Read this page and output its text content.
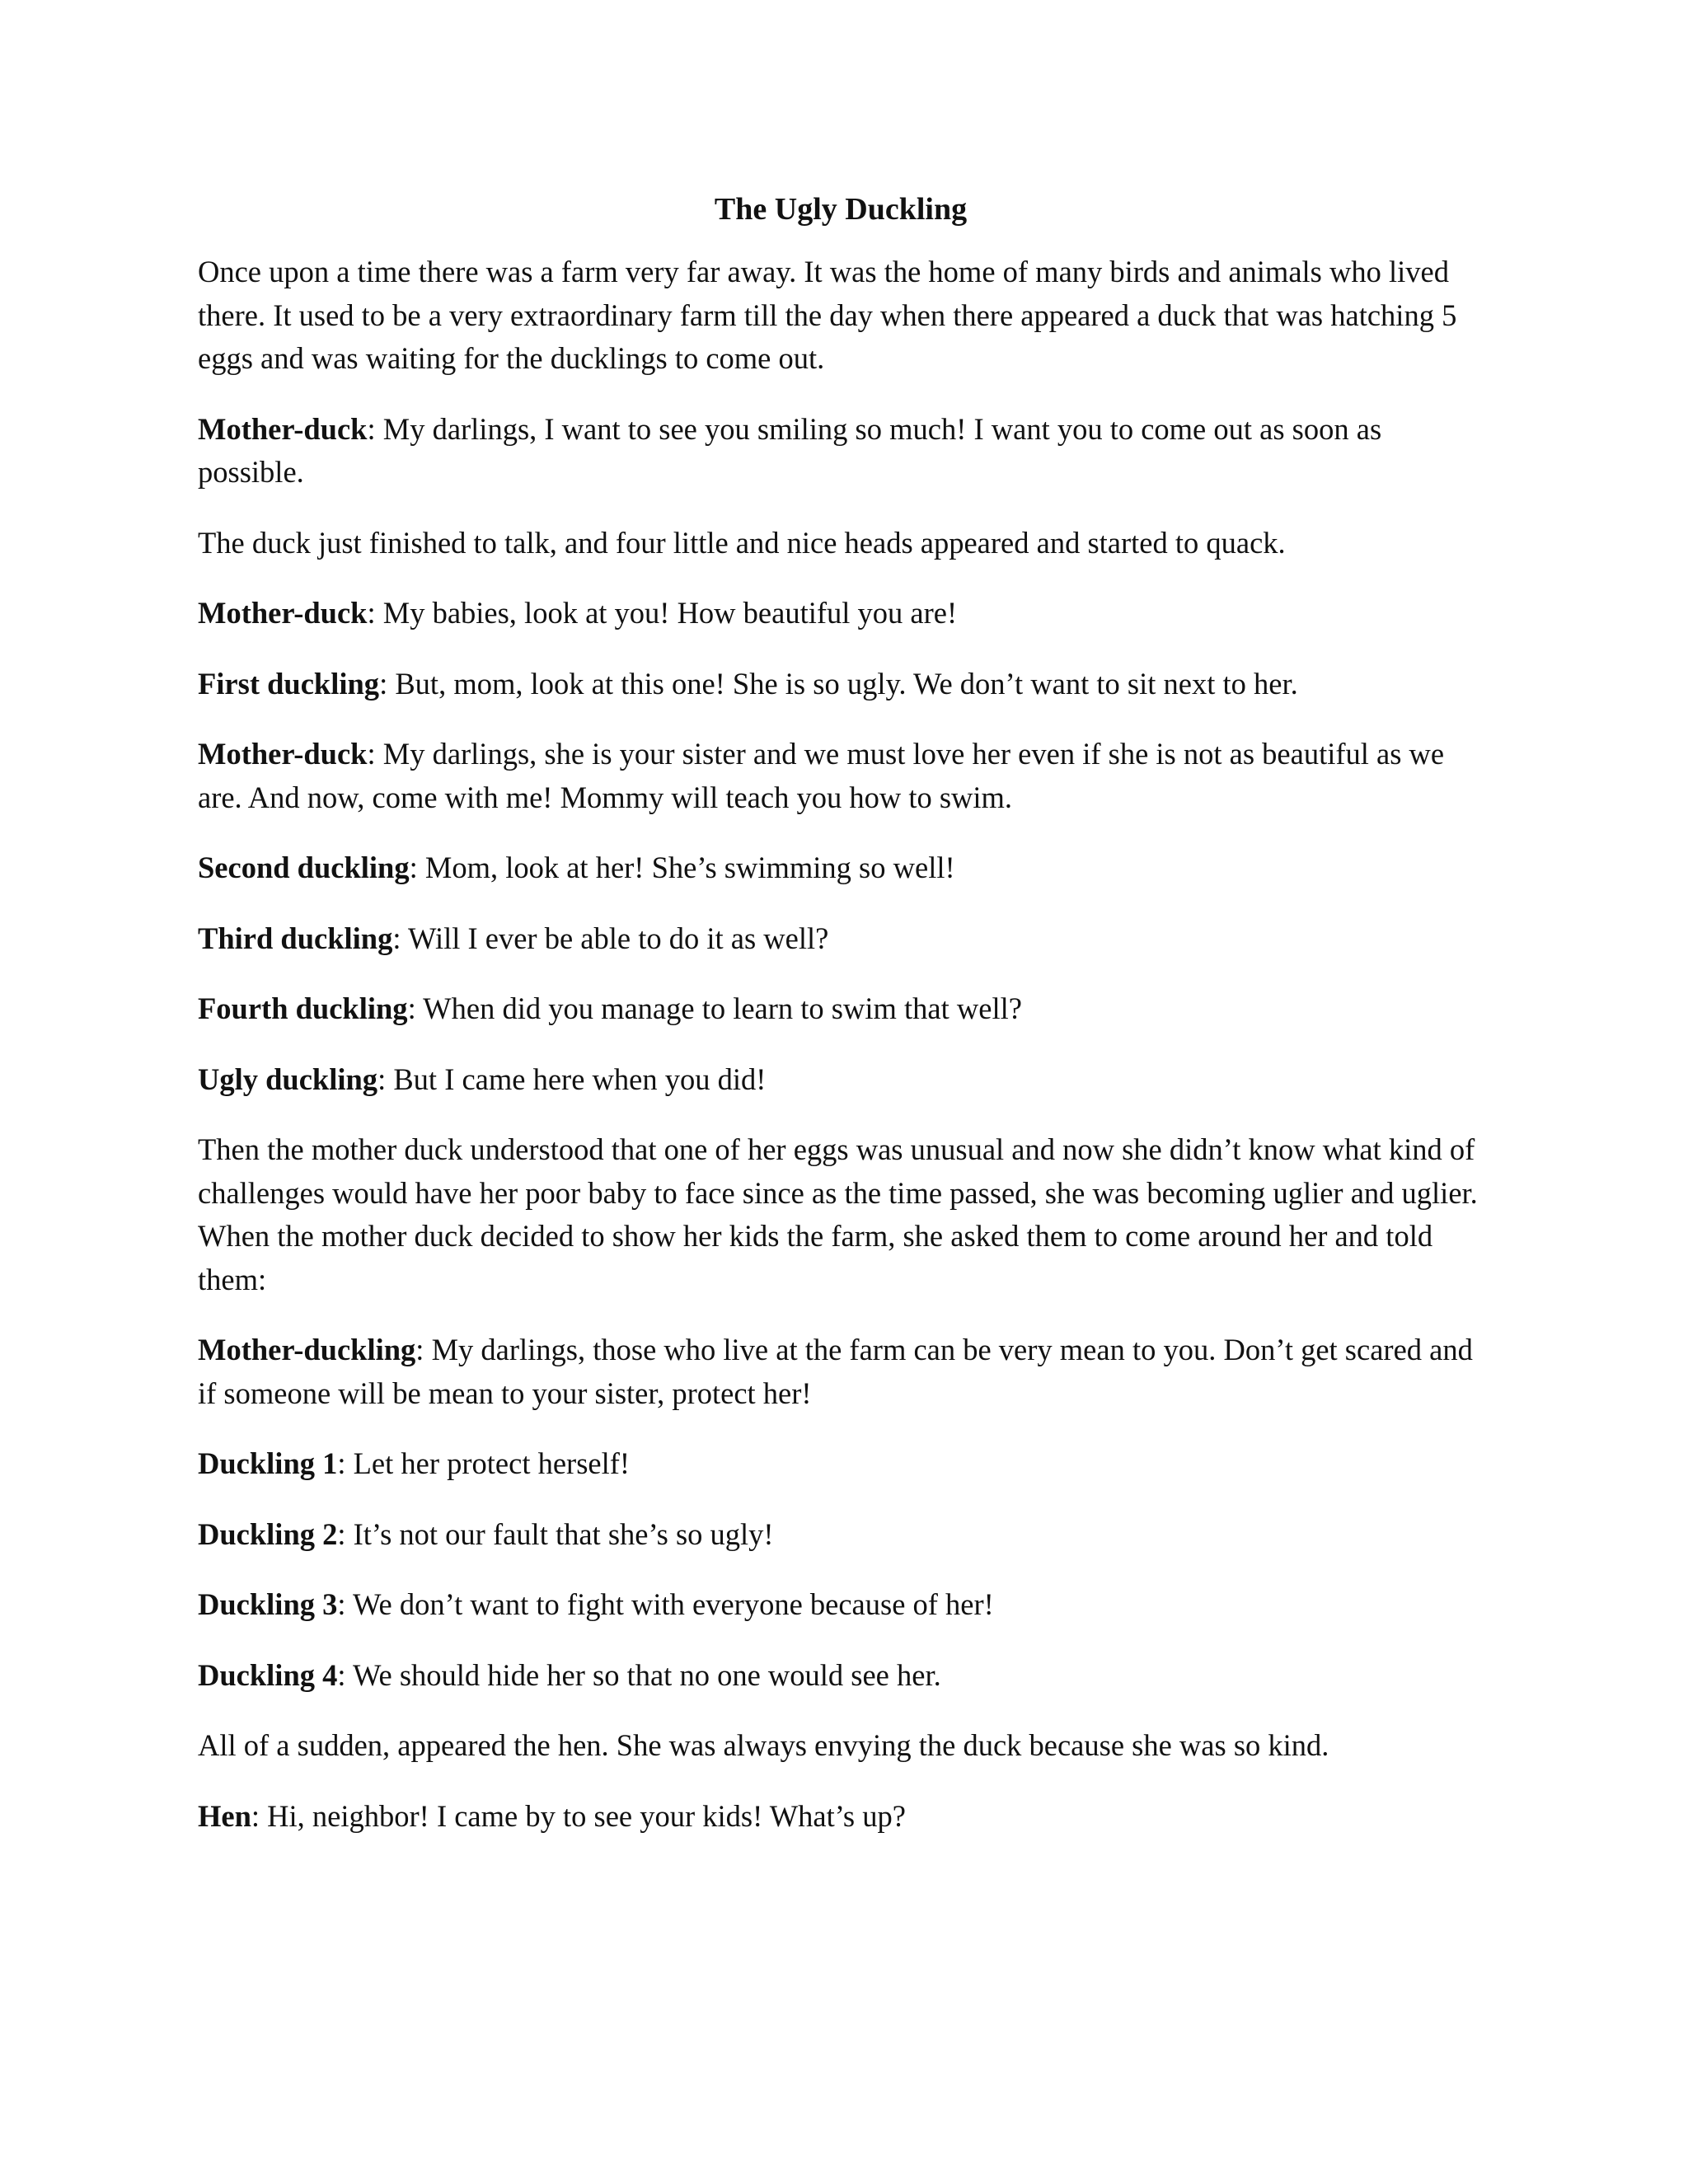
The Ugly Duckling

Once upon a time there was a farm very far away. It was the home of many birds and animals who lived there. It used to be a very extraordinary farm till the day when there appeared a duck that was hatching 5 eggs and was waiting for the ducklings to come out.

Mother-duck: My darlings, I want to see you smiling so much! I want you to come out as soon as possible.

The duck just finished to talk, and four little and nice heads appeared and started to quack.

Mother-duck: My babies, look at you! How beautiful you are!

First duckling: But, mom, look at this one! She is so ugly. We don’t want to sit next to her.

Mother-duck: My darlings, she is your sister and we must love her even if she is not as beautiful as we are. And now, come with me! Mommy will teach you how to swim.

Second duckling: Mom, look at her! She’s swimming so well!

Third duckling: Will I ever be able to do it as well?

Fourth duckling: When did you manage to learn to swim that well?

Ugly duckling: But I came here when you did!

Then the mother duck understood that one of her eggs was unusual and now she didn’t know what kind of challenges would have her poor baby to face since as the time passed, she was becoming uglier and uglier. When the mother duck decided to show her kids the farm, she asked them to come around her and told them:

Mother-duckling: My darlings, those who live at the farm can be very mean to you. Don’t get scared and if someone will be mean to your sister, protect her!

Duckling 1: Let her protect herself!

Duckling 2: It’s not our fault that she’s so ugly!

Duckling 3: We don’t want to fight with everyone because of her!

Duckling 4: We should hide her so that no one would see her.

All of a sudden, appeared the hen. She was always envying the duck because she was so kind.

Hen: Hi, neighbor! I came by to see your kids! What’s up?
